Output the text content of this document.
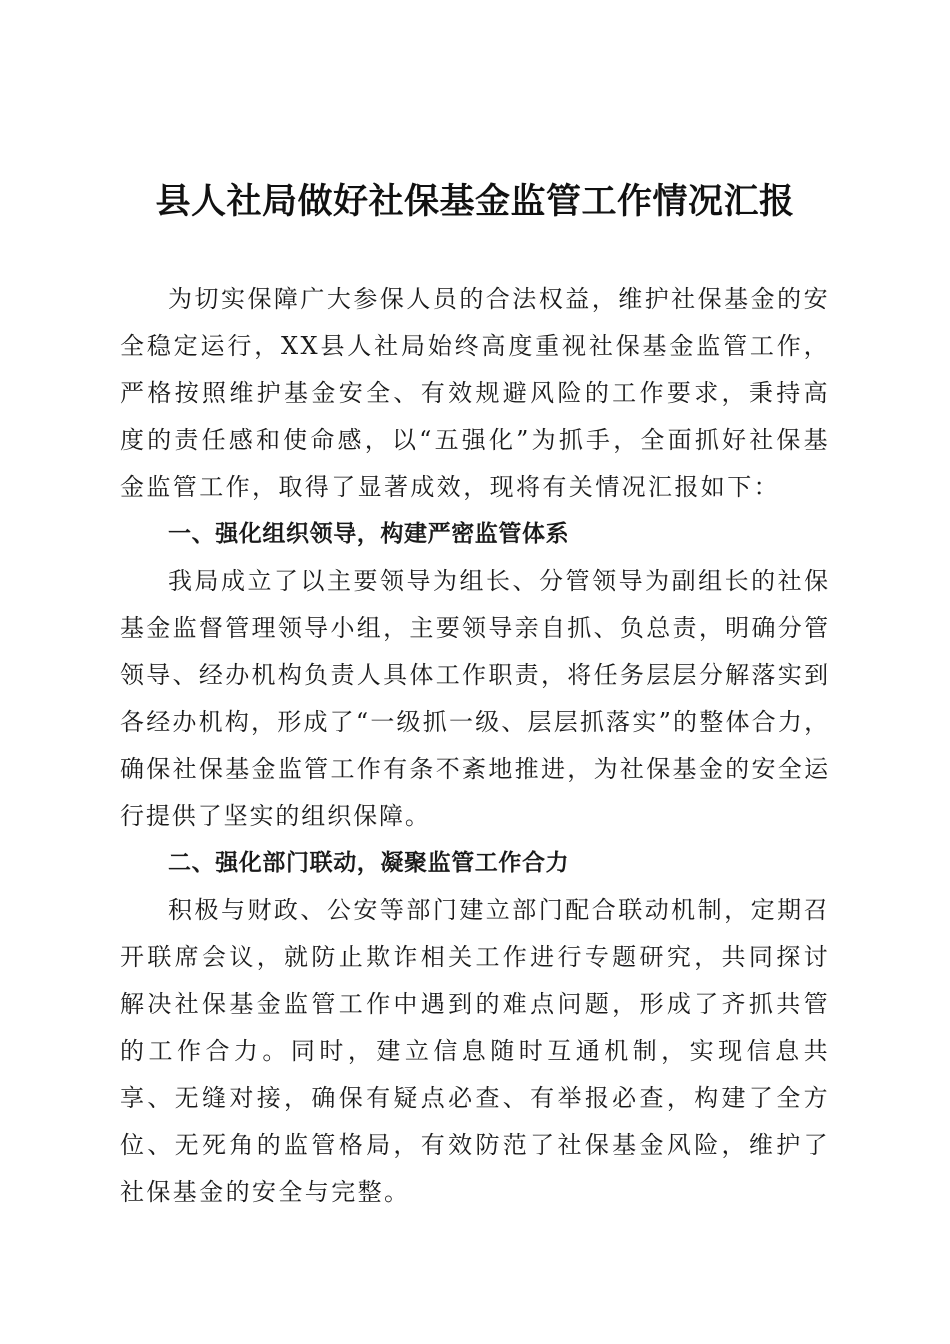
县人社局做好社保基金监管工作情况汇报

为切实保障广大参保人员的合法权益，维护社保基金的安全稳定运行，XX县人社局始终高度重视社保基金监管工作，严格按照维护基金安全、有效规避风险的工作要求，秉持高度的责任感和使命感，以“五强化”为抓手，全面抓好社保基金监管工作，取得了显著成效，现将有关情况汇报如下：

一、强化组织领导，构建严密监管体系

我局成立了以主要领导为组长、分管领导为副组长的社保基金监督管理领导小组，主要领导亲自抓、负总责，明确分管领导、经办机构负责人具体工作职责，将任务层层分解落实到各经办机构，形成了“一级抓一级、层层抓落实”的整体合力，确保社保基金监管工作有条不紊地推进，为社保基金的安全运行提供了坚实的组织保障。

二、强化部门联动，凝聚监管工作合力

积极与财政、公安等部门建立部门配合联动机制，定期召开联席会议，就防止欺诈相关工作进行专题研究，共同探讨解决社保基金监管工作中遇到的难点问题，形成了齐抓共管的工作合力。同时，建立信息随时互通机制，实现信息共享、无缝对接，确保有疑点必查、有举报必查，构建了全方位、无死角的监管格局，有效防范了社保基金风险，维护了社保基金的安全与完整。
